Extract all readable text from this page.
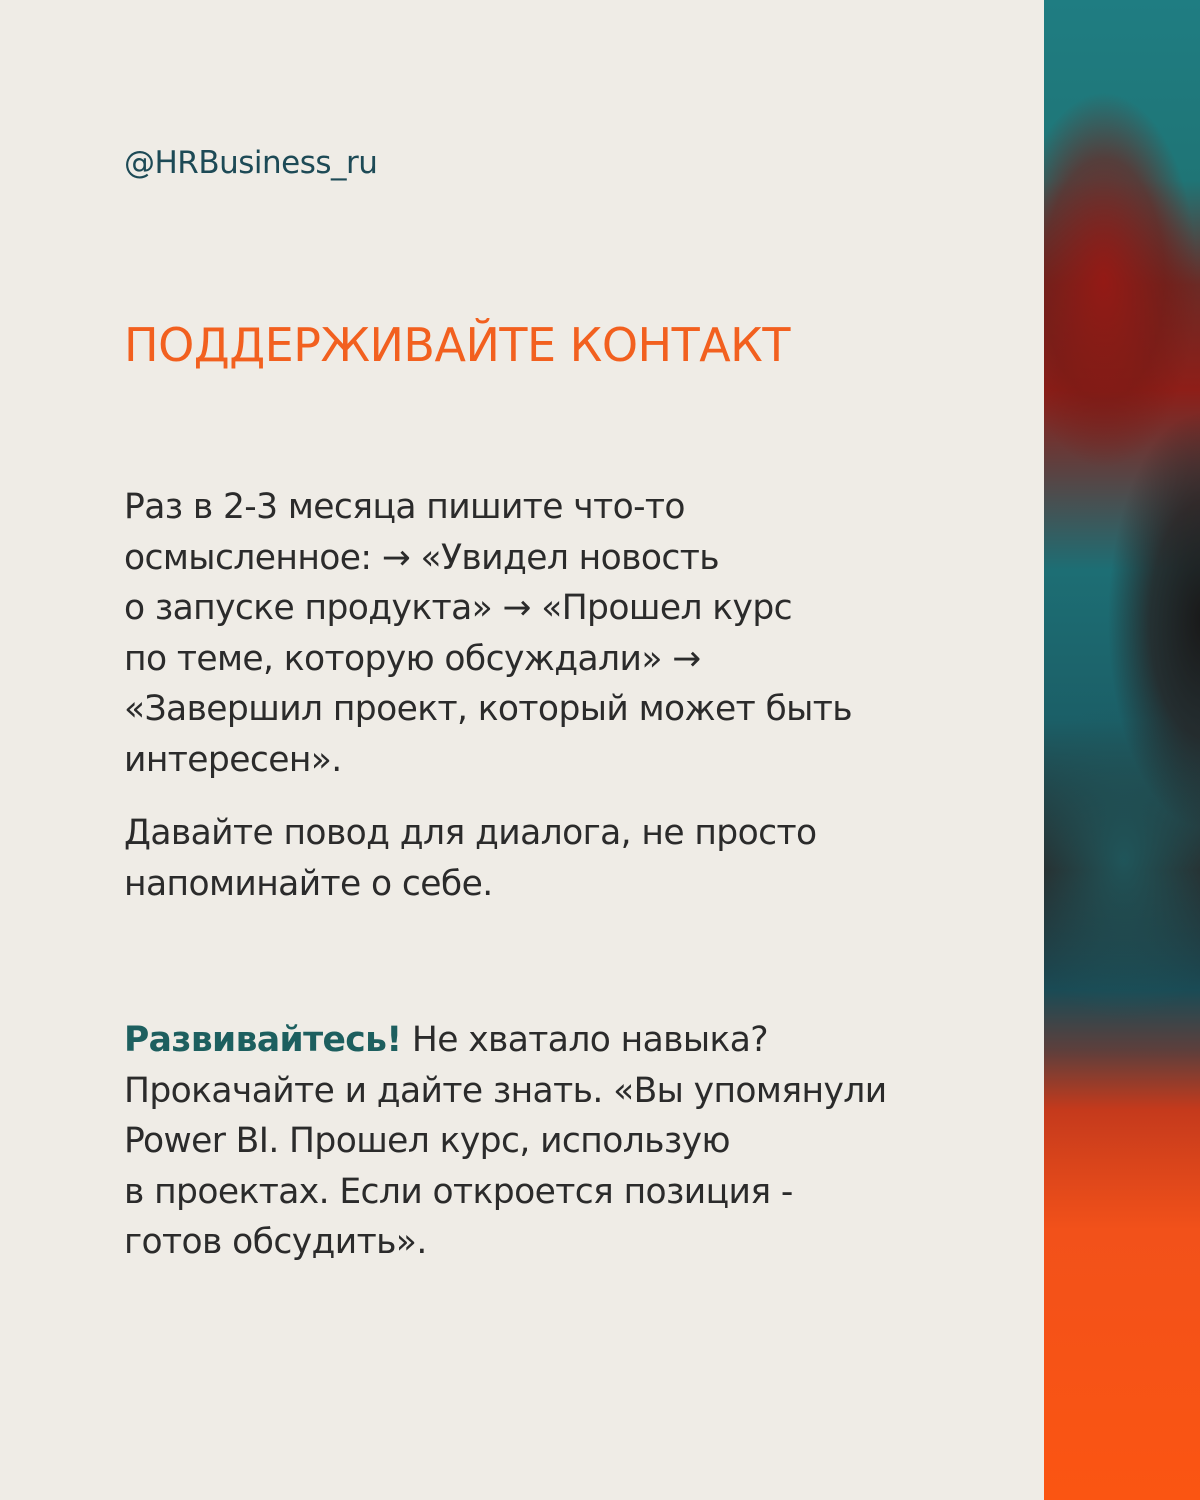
@HRBusiness_ru

ПОДДЕРЖИВАЙТЕ КОНТАКТ

Раз в 2-3 месяца пишите что-то
осмысленное: → «Увидел новость
о запуске продукта» → «Прошел курс
по теме, которую обсуждали» →
«Завершил проект, который может быть
интересен».

Давайте повод для диалога, не просто
напоминайте о себе.

Развивайтесь! Не хватало навыка?
Прокачайте и дайте знать. «Вы упомянули
Power BI. Прошел курс, использую
в проектах. Если откроется позиция -
готов обсудить».
